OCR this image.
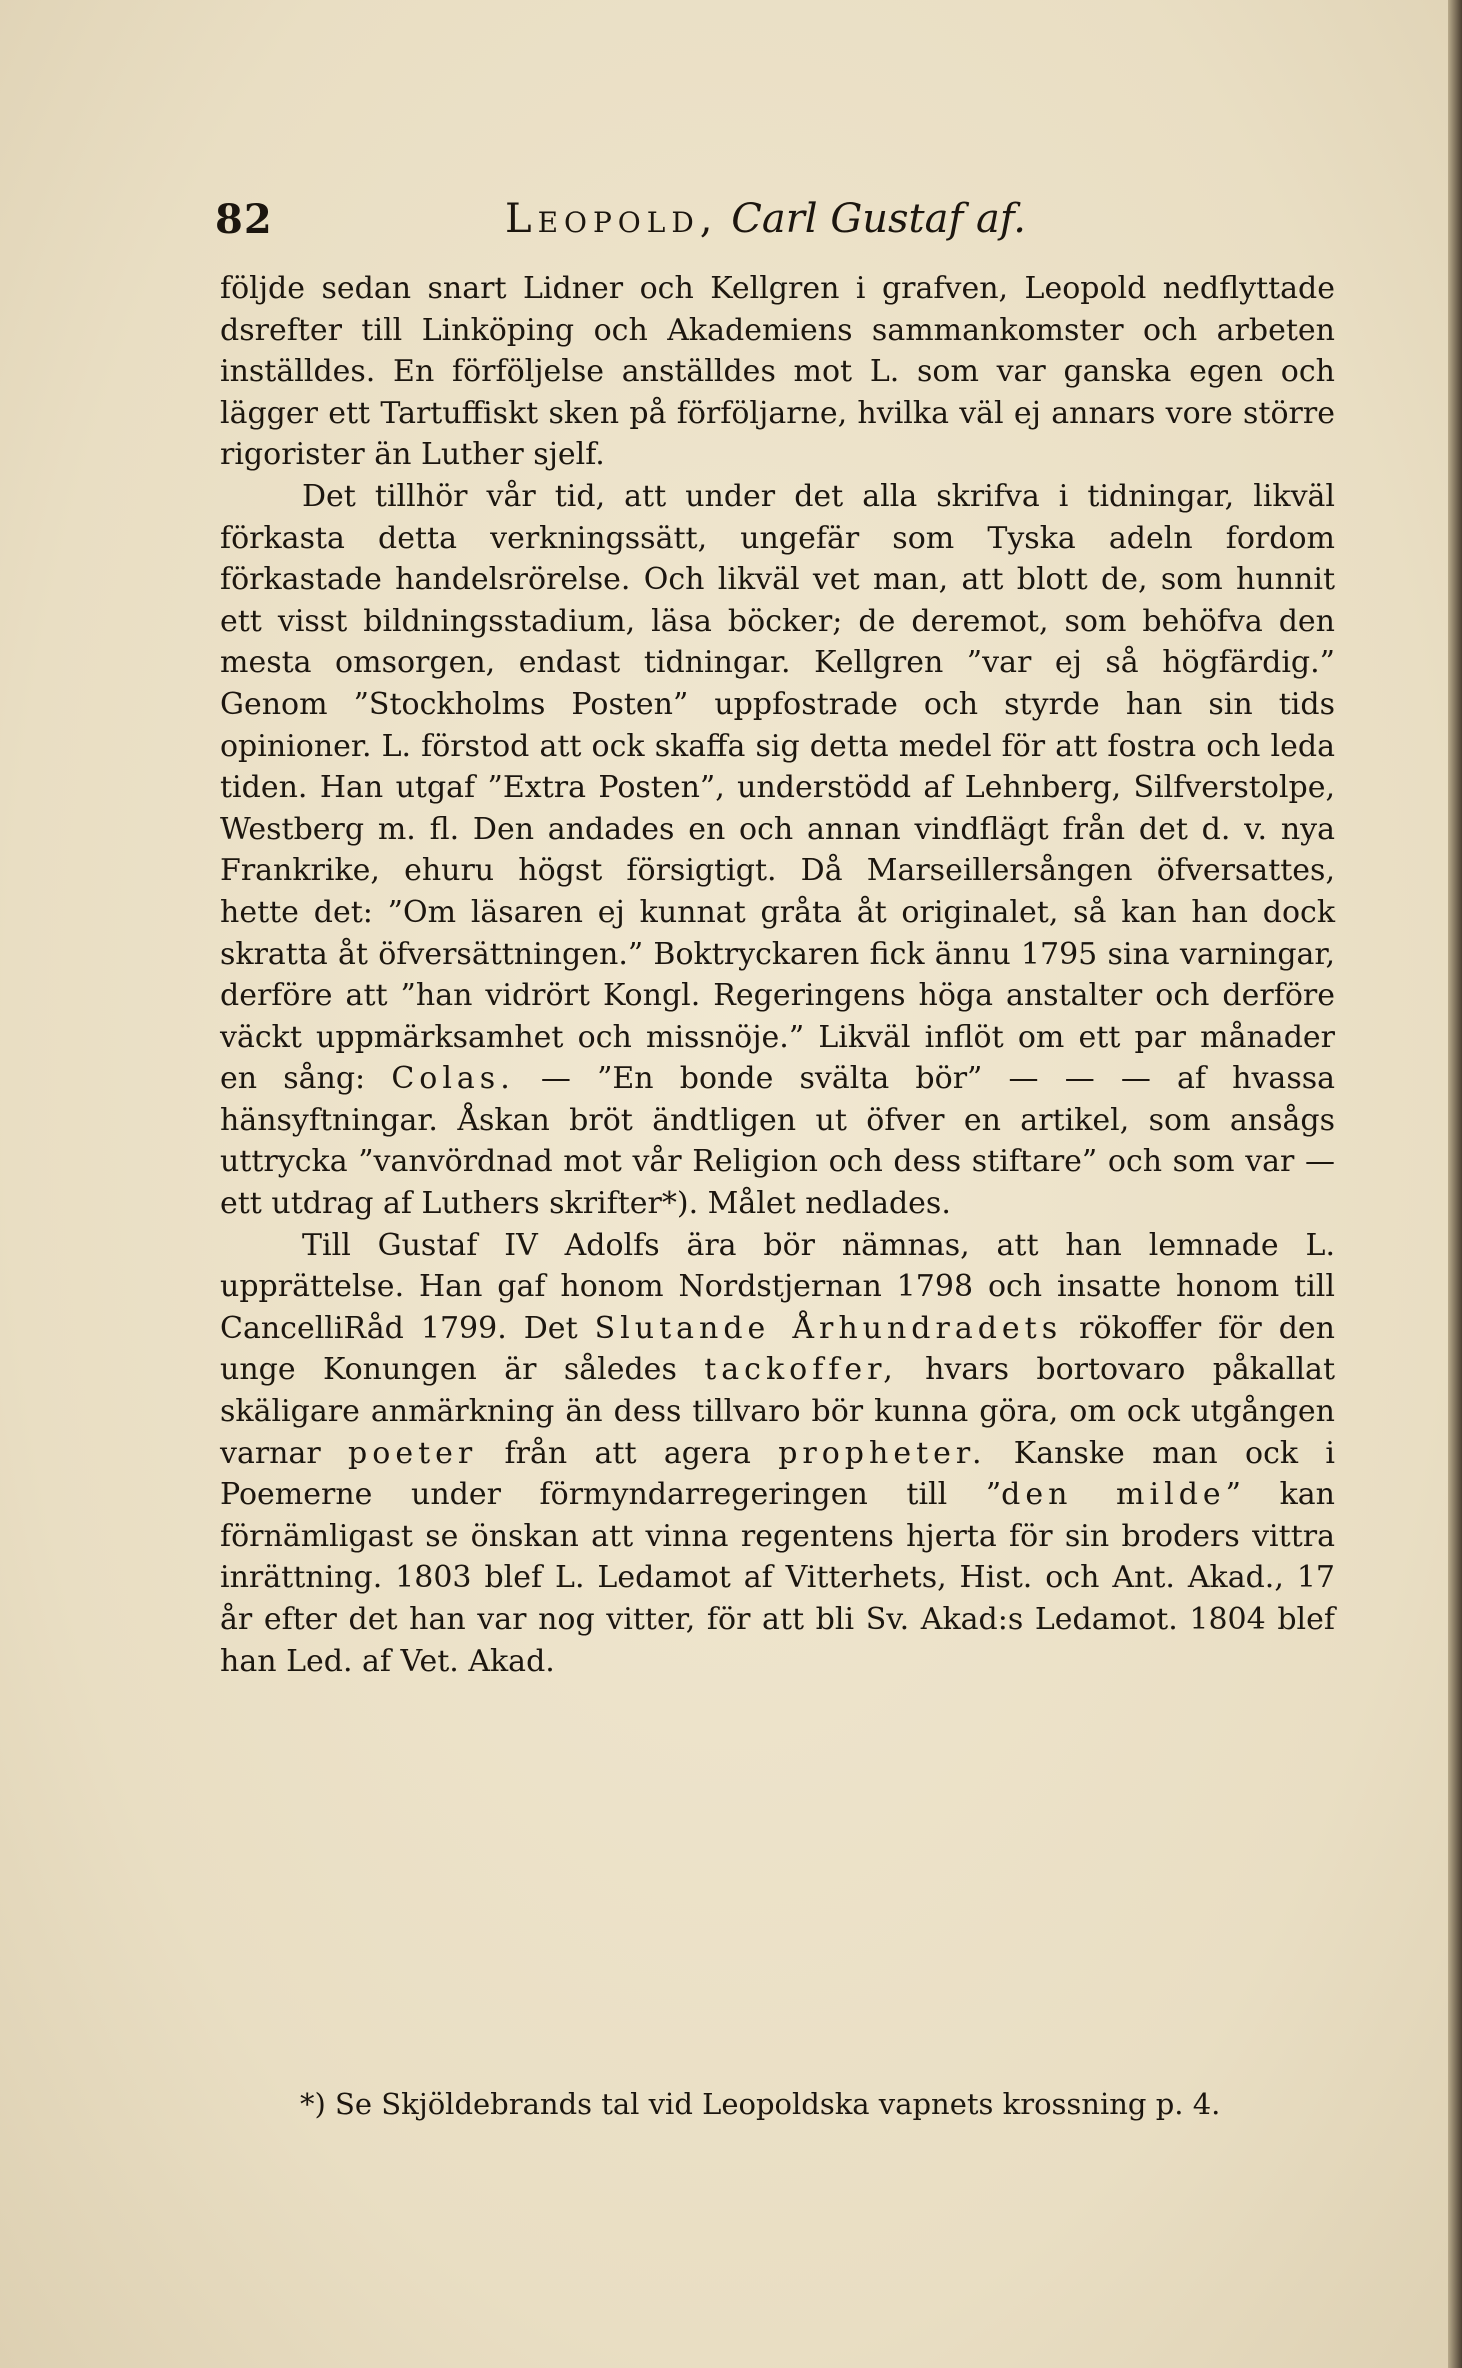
82	Leopold, Carl Gustaf af.

följde sedan snart Lidner och Kellgren i grafven, Leopold nedflyttade dsrefter till Linköping och Akademiens sammankomster och arbeten inställdes. En förföljelse anställdes mot L. som var ganska egen och lägger ett Tartuffiskt sken på förföljarne, hvilka väl ej annars vore större rigorister än Luther sjelf.

Det tillhör vår tid, att under det alla skrifva i tidningar, likväl förkasta detta verkningssätt, ungefär som Tyska adeln fordom förkastade handelsrörelse. Och likväl vet man, att blott de, som hunnit ett visst bildningsstadium, läsa böcker; de deremot, som behöfva den mesta omsorgen, endast tidningar. Kellgren ”var ej så högfärdig.” Genom ”Stockholms Posten” uppfostrade och styrde han sin tids opinioner. L. förstod att ock skaffa sig detta medel för att fostra och leda tiden. Han utgaf ”Extra Posten”, understödd af Lehnberg, Silfverstolpe, Westberg m. fl. Den andades en och annan vindflägt från det d. v. nya Frankrike, ehuru högst försigtigt. Då Marseillersången öfversattes, hette det: ”Om läsaren ej kunnat gråta åt originalet, så kan han dock skratta åt öfversättningen.” Boktryckaren fick ännu 1795 sina varningar, derföre att ”han vidrört Kongl. Regeringens höga anstalter och derföre väckt uppmärksamhet och missnöje.” Likväl inflöt om ett par månader en sång: Colas. — ”En bonde svälta bör” — — — af hvassa hänsyftningar. Åskan bröt ändtligen ut öfver en artikel, som ansågs uttrycka ”vanvördnad mot vår Religion och dess stiftare” och som var — ett utdrag af Luthers skrifter*). Målet nedlades.

Till Gustaf IV Adolfs ära bör nämnas, att han lemnade L. upprättelse. Han gaf honom Nordstjernan 1798 och insatte honom till CancelliRåd 1799. Det Slutande Århundradets rökoffer för den unge Konungen är således tackoffer, hvars bortovaro påkallat skäligare anmärkning än dess tillvaro bör kunna göra, om ock utgången varnar poeter från att agera propheter. Kanske man ock i Poemerne under förmyndarregeringen till ”den milde” kan förnämligast se önskan att vinna regentens hjerta för sin broders vittra inrättning. 1803 blef L. Ledamot af Vitterhets, Hist. och Ant. Akad., 17 år efter det han var nog vitter, för att bli Sv. Akad:s Ledamot. 1804 blef han Led. af Vet. Akad.

*) Se Skjöldebrands tal vid Leopoldska vapnets krossning p. 4.
